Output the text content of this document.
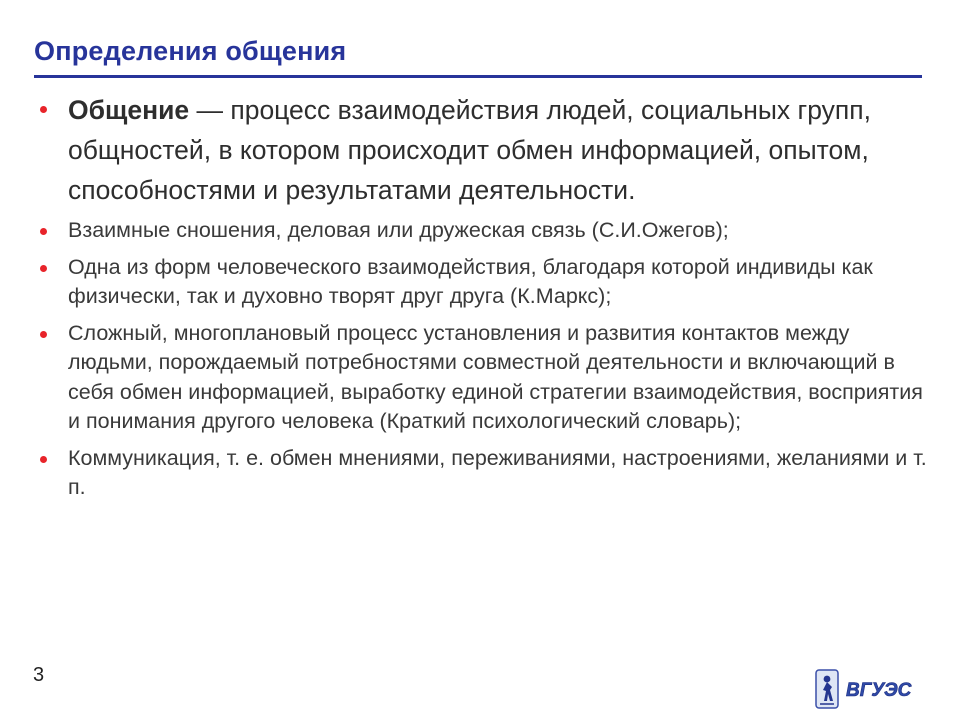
Определения общения
Общение — процесс взаимодействия людей, социальных групп, общностей, в котором происходит обмен информацией, опытом, способностями и результатами деятельности.
Взаимные сношения, деловая или дружеская связь (С.И.Ожегов);
Одна из форм человеческого взаимодействия, благодаря которой индивиды как физически, так и духовно творят друг друга (К.Маркс);
Сложный, многоплановый процесс установления и развития контактов между людьми, порождаемый потребностями совместной деятельности и включающий в себя обмен информацией, выработку единой стратегии взаимодействия, восприятия и понимания другого человека (Краткий психологический словарь);
Коммуникация, т. е. обмен мнениями, переживаниями, настроениями, желаниями и т. п.
3
ВГУЭС
